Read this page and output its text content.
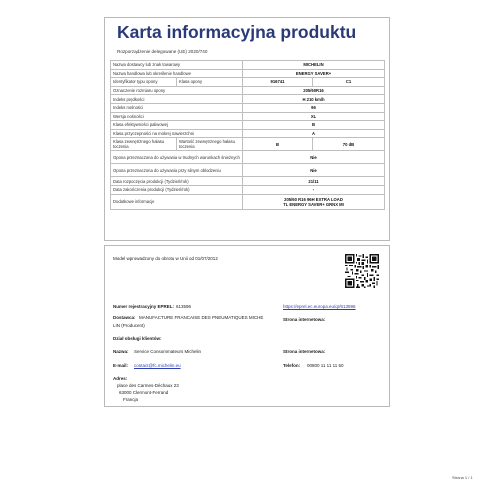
Karta informacyjna produktu
Rozporządzenie delegowane (UE) 2020/740
Nazwa dostawcy lub znak towarowy		MICHELIN	
Nazwa handlowa lub określenie handlowe		ENERGY SAVER+	
Identyfikator typu opony	Klasa opony	916741	C1
Oznaczenie rozmiaru opony		205/60R16	
Indeks prędkości		H 210 km/h	
Indeks nośności		96	
Wersja nośności		XL	
Klasa efektywności paliwowej		B	
Klasa przyczepności na mokrej nawierzchni		A	
Klasa zewnętrznego hałasu toczenia	Wartość zewnętrznego hałasu toczenia	B	70 dB
Opona przeznaczona do używania w trudnych warunkach śnieżnych		Nie	
Opona przeznaczona do używania przy silnym oblodzeniu		Nie	
Data rozpoczęcia produkcji (Tydzień/rok)		21/11	
Data zakończenia produkcji (Tydzień/rok)		-	
Dodatkowe informacje		205/60 R16 96H EXTRA LOAD
TL ENERGY SAVER+ GRNX MI	
Model wprowadzony do obrotu w Unii od 01/07/2012
Numer rejestracyjny EPREL: 613596	https://eprel.ec.europa.eu/qr/613596
Dostawca: MANUFACTURE FRANCAISE DES PNEUMATIQUES MICHE
LIN (Producent)
Strona internetowa:
Dział obsługi klientów:
Nazwa: Service Consommateurs Michelin	Strona internetowa:
E-mail: contact@fc.michelin.eu	Telefon: 00800 11 11 11 50
Adres:
place des Carmes-Déchaux 23
63000 Clermont-Ferrand
Francja
Strona 1 / 1
